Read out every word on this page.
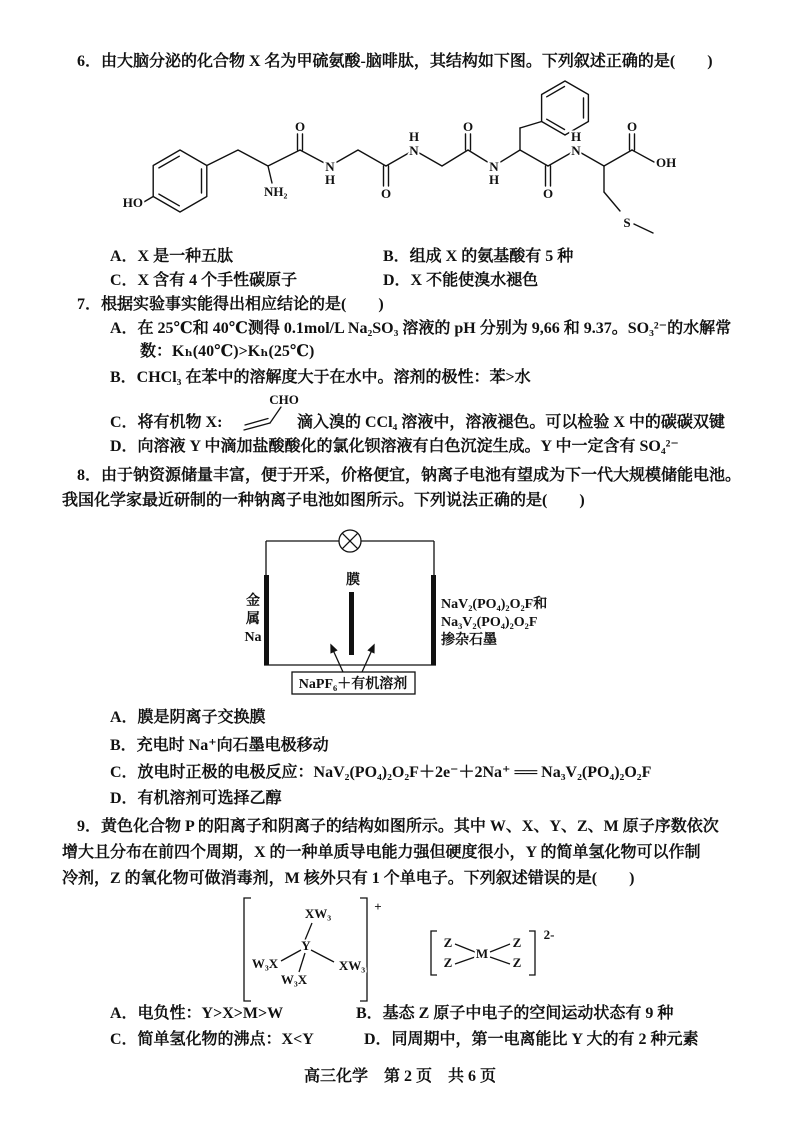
HO
NH₂
O
N
H
O
N
H
O
N
H
O
N
H
O
OH
S
CHO
金
属
Na
膜
NaV₂(PO₄)₂O₂F和
Na₃V₂(PO₄)₂O₂F
掺杂石墨
NaPF₆＋有机溶剂
XW₃
Y
W₃X	XW₃
W₃X
+
Z
Z
Z
Z
M
2-
6．由大脑分泌的化合物 X 名为甲硫氨酸-脑啡肽，其结构如下图。下列叙述正确的是(　　)
A．X 是一种五肽	B．组成 X 的氨基酸有 5 种
C．X 含有 4 个手性碳原子	D．X 不能使溴水褪色
7．根据实验事实能得出相应结论的是(　　)
A．在 25℃和 40℃测得 0.1mol/L Na₂SO₃ 溶液的 pH 分别为 9,66 和 9.37。SO₃²⁻的水解常
数：Kₕ(40℃)>Kₕ(25℃)
B．CHCl₃ 在苯中的溶解度大于在水中。溶剂的极性：苯>水
C．将有机物 X:	滴入溴的 CCl₄ 溶液中，溶液褪色。可以检验 X 中的碳碳双键
D．向溶液 Y 中滴加盐酸酸化的氯化钡溶液有白色沉淀生成。Y 中一定含有 SO₄²⁻
8．由于钠资源储量丰富，便于开采，价格便宜，钠离子电池有望成为下一代大规模储能电池。
我国化学家最近研制的一种钠离子电池如图所示。下列说法正确的是(　　)
A．膜是阴离子交换膜
B．充电时 Na⁺向石墨电极移动
C．放电时正极的电极反应：NaV₂(PO₄)₂O₂F＋2e⁻＋2Na⁺ ══ Na₃V₂(PO₄)₂O₂F
D．有机溶剂可选择乙醇
9．黄色化合物 P 的阳离子和阴离子的结构如图所示。其中 W、X、Y、Z、M 原子序数依次
增大且分布在前四个周期，X 的一种单质导电能力强但硬度很小，Y 的简单氢化物可以作制
冷剂，Z 的氧化物可做消毒剂，M 核外只有 1 个单电子。下列叙述错误的是(　　)
A．电负性：Y>X>M>W	B．基态 Z 原子中电子的空间运动状态有 9 种
C．简单氢化物的沸点：X<Y	D．同周期中，第一电离能比 Y 大的有 2 种元素
高三化学　第 2 页　共 6 页
